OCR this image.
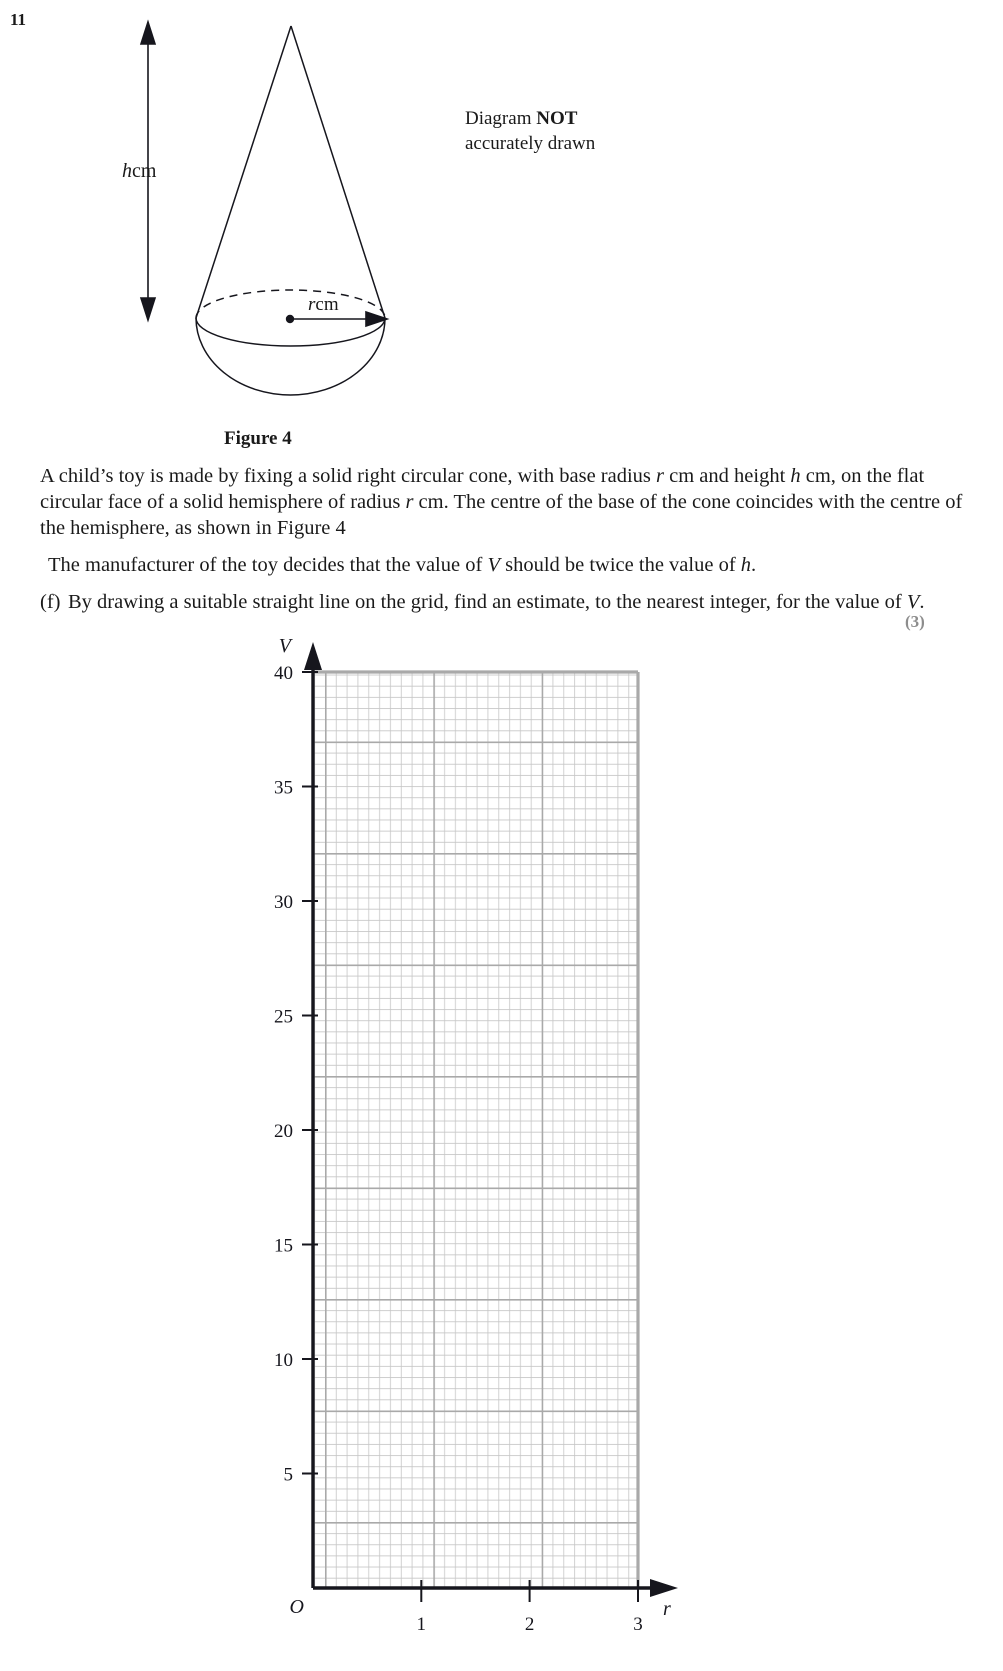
11
hcm
rcm
Diagram NOT
accurately drawn
Figure 4

A child’s toy is made by fixing a solid right circular cone, with base radius r cm and height h cm, on the flat circular face of a solid hemisphere of radius r cm. The centre of the base of the cone coincides with the centre of the hemisphere, as shown in Figure 4

The manufacturer of the toy decides that the value of V should be twice the value of h.

(f) By drawing a suitable straight line on the grid, find an estimate, to the nearest integer, for the value of V.

(3)
40
35
30
25
20
15
10
5
1	2	3
V
r
O
